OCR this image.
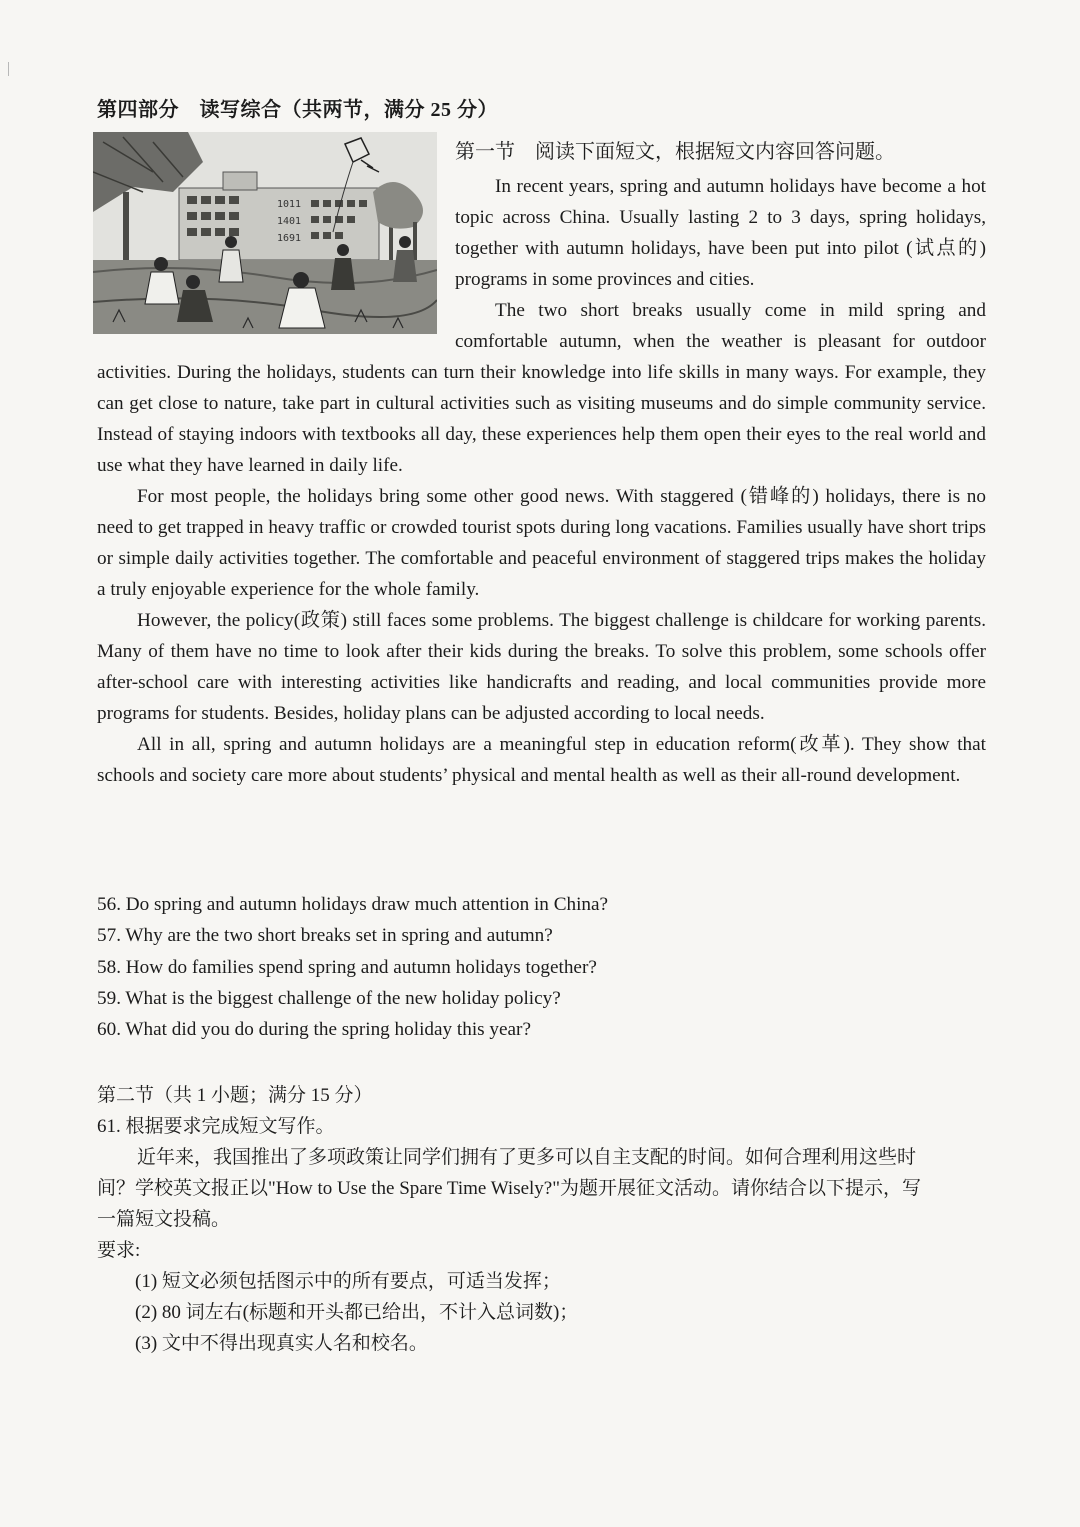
第四部分　读写综合（共两节，满分 25 分）
1011
1401
1691
第一节　阅读下面短文，根据短文内容回答问题。

In recent years, spring and autumn holidays have become a hot topic across China. Usually lasting 2 to 3 days, spring holidays, together with autumn holidays, have been put into pilot (试点的) programs in some provinces and cities.

The two short breaks usually come in mild spring and comfortable autumn, when the weather is pleasant for outdoor activities. During the holidays, students can turn their knowledge into life skills in many ways. For example, they can get close to nature, take part in cultural activities such as visiting museums and do simple community service. Instead of staying indoors with textbooks all day, these experiences help them open their eyes to the real world and use what they have learned in daily life.

For most people, the holidays bring some other good news. With staggered (错峰的) holidays, there is no need to get trapped in heavy traffic or crowded tourist spots during long vacations. Families usually have short trips or simple daily activities together. The comfortable and peaceful environment of staggered trips makes the holiday a truly enjoyable experience for the whole family.

However, the policy(政策) still faces some problems. The biggest challenge is childcare for working parents. Many of them have no time to look after their kids during the breaks. To solve this problem, some schools offer after-school care with interesting activities like handicrafts and reading, and local communities provide more programs for students. Besides, holiday plans can be adjusted according to local needs.

All in all, spring and autumn holidays are a meaningful step in education reform(改革). They show that schools and society care more about students’ physical and mental health as well as their all-round development.

56. Do spring and autumn holidays draw much attention in China?
57. Why are the two short breaks set in spring and autumn?
58. How do families spend spring and autumn holidays together?
59. What is the biggest challenge of the new holiday policy?
60. What did you do during the spring holiday this year?
第二节（共 1 小题；满分 15 分）
61. 根据要求完成短文写作。
近年来，我国推出了多项政策让同学们拥有了更多可以自主支配的时间。如何合理利用这些时
间？学校英文报正以"How to Use the Spare Time Wisely?"为题开展征文活动。请你结合以下提示，写
一篇短文投稿。
要求:
(1) 短文必须包括图示中的所有要点，可适当发挥；
(2) 80 词左右(标题和开头都已给出，不计入总词数)；
(3) 文中不得出现真实人名和校名。
